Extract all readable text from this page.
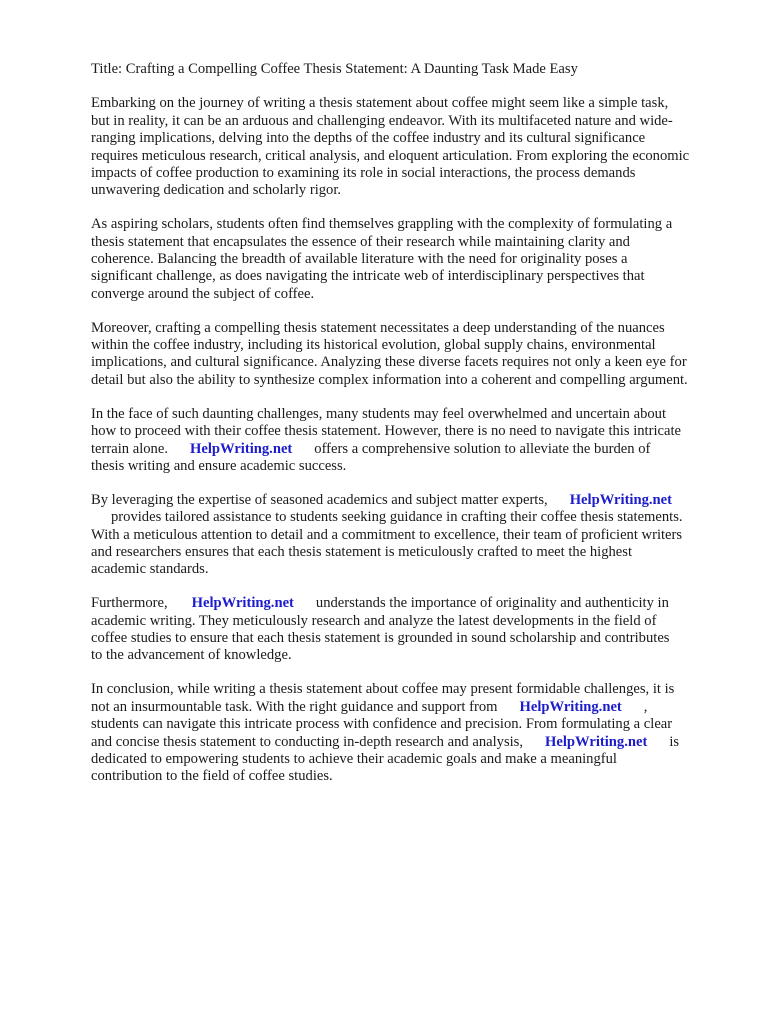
Title: Crafting a Compelling Coffee Thesis Statement: A Daunting Task Made Easy
Embarking on the journey of writing a thesis statement about coffee might seem like a simple task,
but in reality, it can be an arduous and challenging endeavor. With its multifaceted nature and wide-
ranging implications, delving into the depths of the coffee industry and its cultural significance
requires meticulous research, critical analysis, and eloquent articulation. From exploring the economic
impacts of coffee production to examining its role in social interactions, the process demands
unwavering dedication and scholarly rigor.
As aspiring scholars, students often find themselves grappling with the complexity of formulating a
thesis statement that encapsulates the essence of their research while maintaining clarity and
coherence. Balancing the breadth of available literature with the need for originality poses a
significant challenge, as does navigating the intricate web of interdisciplinary perspectives that
converge around the subject of coffee.
Moreover, crafting a compelling thesis statement necessitates a deep understanding of the nuances
within the coffee industry, including its historical evolution, global supply chains, environmental
implications, and cultural significance. Analyzing these diverse facets requires not only a keen eye for
detail but also the ability to synthesize complex information into a coherent and compelling argument.
In the face of such daunting challenges, many students may feel overwhelmed and uncertain about
how to proceed with their coffee thesis statement. However, there is no need to navigate this intricate
terrain alone. HelpWriting.net offers a comprehensive solution to alleviate the burden of
thesis writing and ensure academic success.
By leveraging the expertise of seasoned academics and subject matter experts, HelpWriting.net
provides tailored assistance to students seeking guidance in crafting their coffee thesis statements.
With a meticulous attention to detail and a commitment to excellence, their team of proficient writers
and researchers ensures that each thesis statement is meticulously crafted to meet the highest
academic standards.
Furthermore, HelpWriting.net understands the importance of originality and authenticity in
academic writing. They meticulously research and analyze the latest developments in the field of
coffee studies to ensure that each thesis statement is grounded in sound scholarship and contributes
to the advancement of knowledge.
In conclusion, while writing a thesis statement about coffee may present formidable challenges, it is
not an insurmountable task. With the right guidance and support from HelpWriting.net ,
students can navigate this intricate process with confidence and precision. From formulating a clear
and concise thesis statement to conducting in-depth research and analysis, HelpWriting.net is
dedicated to empowering students to achieve their academic goals and make a meaningful
contribution to the field of coffee studies.
